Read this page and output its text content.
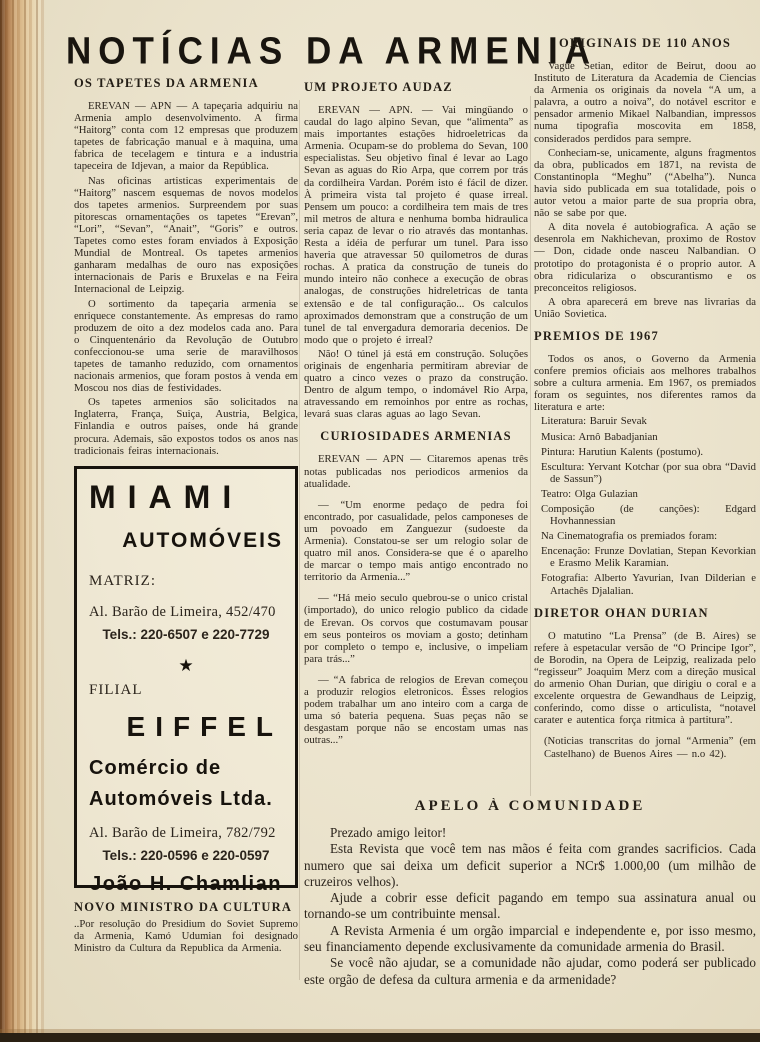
NOTÍCIAS DA ARMENIA
OS TAPETES DA ARMENIA

EREVAN — APN — A tapeçaria adquiriu na Armenia amplo desenvolvimento. A firma “Haitorg” conta com 12 empresas que produzem tapetes de fabricação manual e à maquina, uma fabrica de tecelagem e tintura e a industria tapeceira de Idjevan, a maior da República.

Nas oficinas artisticas experimentais de “Haitorg” nascem esquemas de novos modelos dos tapetes armenios. Surpreendem por suas pitorescas ornamentações os tapetes “Erevan”, “Lori”, “Sevan”, “Anait”, “Goris” e outros. Tapetes como estes foram enviados à Exposição Mundial de Montreal. Os tapetes armenios ganharam medalhas de ouro nas exposições internacionais de Paris e Bruxelas e na Feira Internacional de Leipzig.

O sortimento da tapeçaria armenia se enriquece constantemente. As empresas do ramo produzem de oito a dez modelos cada ano. Para o Cinquentenário da Revolução de Outubro confeccionou-se uma serie de maravilhosos tapetes de tamanho reduzido, com ornamentos nacionais armenios, que foram postos à venda em Moscou nos dias de festividades.

Os tapetes armenios são solicitados na Inglaterra, França, Suiça, Austria, Belgica, Finlandia e outros países, onde há grande procura. Ademais, são expostos todos os anos nas tradicionais feiras internacionais.

MIAMI
AUTOMÓVEIS
MATRIZ:
Al. Barão de Limeira, 452/470
Tels.: 220-6507 e 220-7729
★
FILIAL
EIFFEL
Comércio de
Automóveis Ltda.
Al. Barão de Limeira, 782/792
Tels.: 220-0596 e 220-0597
João H. Chamlian
NOVO MINISTRO DA CULTURA

..Por resolução do Presidium do Soviet Supremo da Armenia, Kamó Udumian foi designado Ministro da Cultura da Republica da Armenia.

UM PROJETO AUDAZ

EREVAN — APN. — Vai mingüando o caudal do lago alpino Sevan, que “alimenta” as mais importantes estações hidroeletricas da Armenia. Ocupam-se do problema do Sevan, 100 especialistas. Seu objetivo final é levar ao Lago Sevan as aguas do Rio Arpa, que correm por trás da cordilheira Vardan. Porém isto é fácil de dizer. À primeira vista tal projeto é quase irreal. Pensem um pouco: a cordilheira tem mais de tres mil metros de altura e nenhuma bomba hidraulica seria capaz de levar o rio através das montanhas. Resta a idéia de perfurar um tunel. Para isso haveria que atravessar 50 quilometros de duras rochas. A pratica da construção de tuneis do mundo inteiro não conhece a execução de obras analogas, de construções hidreletricas de tanta extensão e de tal configuração... Os calculos aproximados demonstram que a construção de um tunel de tal envergadura demoraria decenios. De modo que o projeto é irreal?

Não! O túnel já está em construção. Soluções originais de engenharia permitiram abreviar de quatro a cinco vezes o prazo da construção. Dentro de algum tempo, o indomável Rio Arpa, atravessando em remoinhos por entre as rochas, levará suas claras aguas ao lago Sevan.

CURIOSIDADES ARMENIAS

EREVAN — APN — Citaremos apenas três notas publicadas nos periodicos armenios da atualidade.

— “Um enorme pedaço de pedra foi encontrado, por casualidade, pelos camponeses de um povoado em Zanguezur (sudoeste da Armenia). Constatou-se ser um relogio solar de quatro mil anos. Considera-se que é o aparelho de marcar o tempo mais antigo encontrado no territorio da Armenia...”

— “Há meio seculo quebrou-se o unico cristal (importado), do unico relogio publico da cidade de Erevan. Os corvos que costumavam pousar em seus ponteiros os moviam a gosto; detinham por completo o tempo e, inclusive, o impeliam para trás...”

— “A fabrica de relogios de Erevan começou a produzir relogios eletronicos. Êsses relogios podem trabalhar um ano inteiro com a carga de uma só bateria pequena. Suas peças não se desgastam porque não se encostam umas nas outras...”

ORIGINAIS DE 110 ANOS

Vague Setian, editor de Beirut, doou ao Instituto de Literatura da Academia de Ciencias da Armenia os originais da novela “A um, a palavra, a outro a noiva”, do notável escritor e pensador armenio Mikael Nalbandian, impressos numa tipografia moscovita em 1858, considerados perdidos para sempre.

Conheciam-se, unicamente, alguns fragmentos da obra, publicados em 1871, na revista de Constantinopla “Meghu” (“Abelha”). Nunca havia sido publicada em sua totalidade, pois o autor vetou a maior parte de sua propria obra, não se sabe por que.

A dita novela é autobiografica. A ação se desenrola em Nakhichevan, proximo de Rostov — Don, cidade onde nasceu Nalbandian. O prototipo do protagonista é o proprio autor. A obra ridiculariza o obscurantismo e os preconceitos religiosos.

A obra aparecerá em breve nas livrarias da União Sovietica.

PREMIOS DE 1967

Todos os anos, o Governo da Armenia confere premios oficiais aos melhores trabalhos sobre a cultura armenia. Em 1967, os premiados foram os seguintes, nos diferentes ramos da literatura e arte:

Literatura: Baruir Sevak
Musica: Arnô Babadjanian
Pintura: Harutiun Kalents (postumo).
Escultura: Yervant Kotchar (por sua obra “David de Sassun”)
Teatro: Olga Gulazian
Composição (de canções): Edgard Hovhannessian
Na Cinematografia os premiados foram:
Encenação: Frunze Dovlatian, Stepan Kevorkian e Erasmo Melik Karamian.
Fotografia: Alberto Yavurian, Ivan Dilderian e Artachês Djalalian.
DIRETOR OHAN DURIAN

O matutino “La Prensa” (de B. Aires) se refere à espetacular versão de “O Principe Igor”, de Borodin, na Opera de Leipzig, realizada pelo “regisseur” Joaquim Merz com a direção musical do armenio Ohan Durian, que dirigiu o coral e a excelente orquestra de Gewandhaus de Leipzig, conferindo, como disse o articulista, “notavel carater e autentica força ritmica à partitura”.

(Noticias transcritas do jornal “Armenia” (em Castelhano) de Buenos Aires — n.o 42).

APELO À COMUNIDADE

Prezado amigo leitor!

Esta Revista que você tem nas mãos é feita com grandes sacrificios. Cada numero que sai deixa um deficit superior a NCr$ 1.000,00 (um milhão de cruzeiros velhos).

Ajude a cobrir esse deficit pagando em tempo sua assinatura anual ou tornando-se um contribuinte mensal.

A Revista Armenia é um orgão imparcial e independente e, por isso mesmo, seu financiamento depende exclusivamente da comunidade armenia do Brasil.

Se você não ajudar, se a comunidade não ajudar, como poderá ser publicado este orgão de defesa da cultura armenia e da armenidade?
